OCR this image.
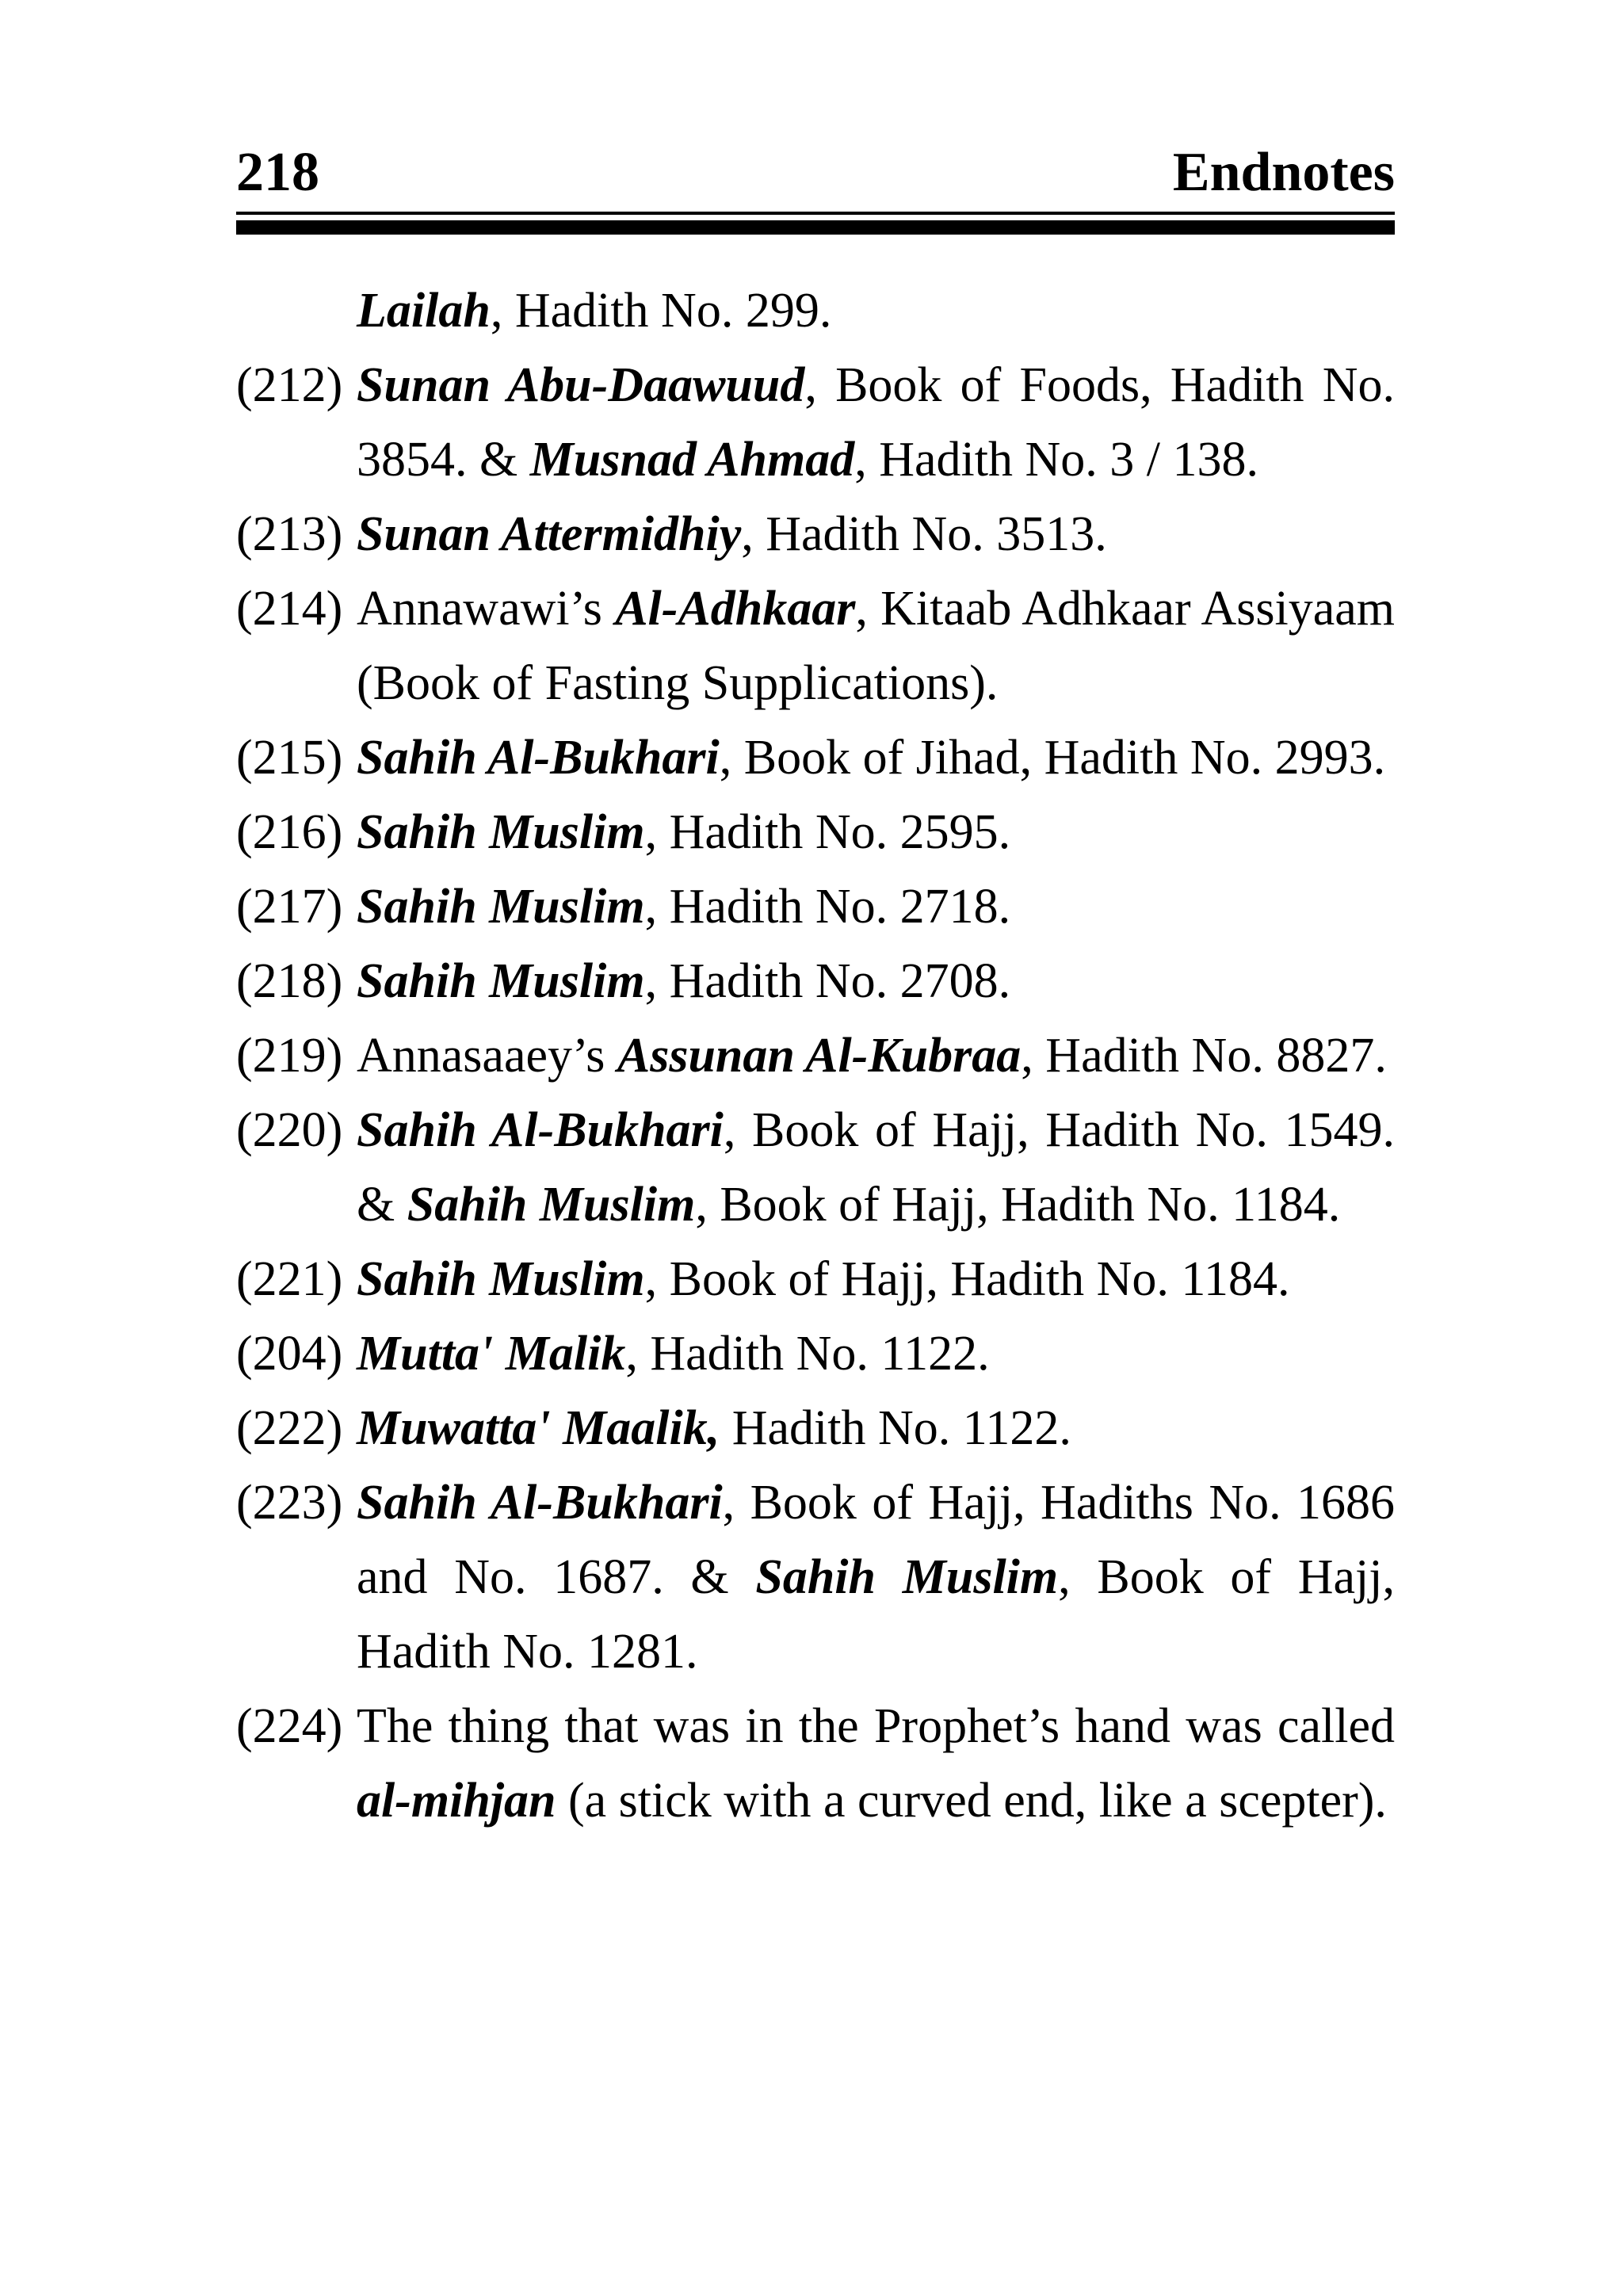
218	Endnotes
Lailah, Hadith No. 299.
(212) Sunan Abu-Daawuud, Book of Foods, Hadith No. 3854. & Musnad Ahmad, Hadith No. 3 / 138.
(213) Sunan Attermidhiy, Hadith No. 3513.
(214) Annawawi’s Al-Adhkaar, Kitaab Adhkaar Assiyaam (Book of Fasting Supplications).
(215) Sahih Al-Bukhari, Book of Jihad, Hadith No. 2993.
(216) Sahih Muslim, Hadith No. 2595.
(217) Sahih Muslim, Hadith No. 2718.
(218) Sahih Muslim, Hadith No. 2708.
(219) Annasaaey’s Assunan Al-Kubraa, Hadith No. 8827.
(220) Sahih Al-Bukhari, Book of Hajj, Hadith No. 1549. & Sahih Muslim, Book of Hajj, Hadith No. 1184.
(221) Sahih Muslim, Book of Hajj, Hadith No. 1184.
(204) Mutta' Malik, Hadith No. 1122.
(222) Muwatta' Maalik, Hadith No. 1122.
(223) Sahih Al-Bukhari, Book of Hajj, Hadiths No. 1686 and No. 1687. & Sahih Muslim, Book of Hajj, Hadith No. 1281.
(224) The thing that was in the Prophet’s hand was called al-mihjan (a stick with a curved end, like a scepter).
